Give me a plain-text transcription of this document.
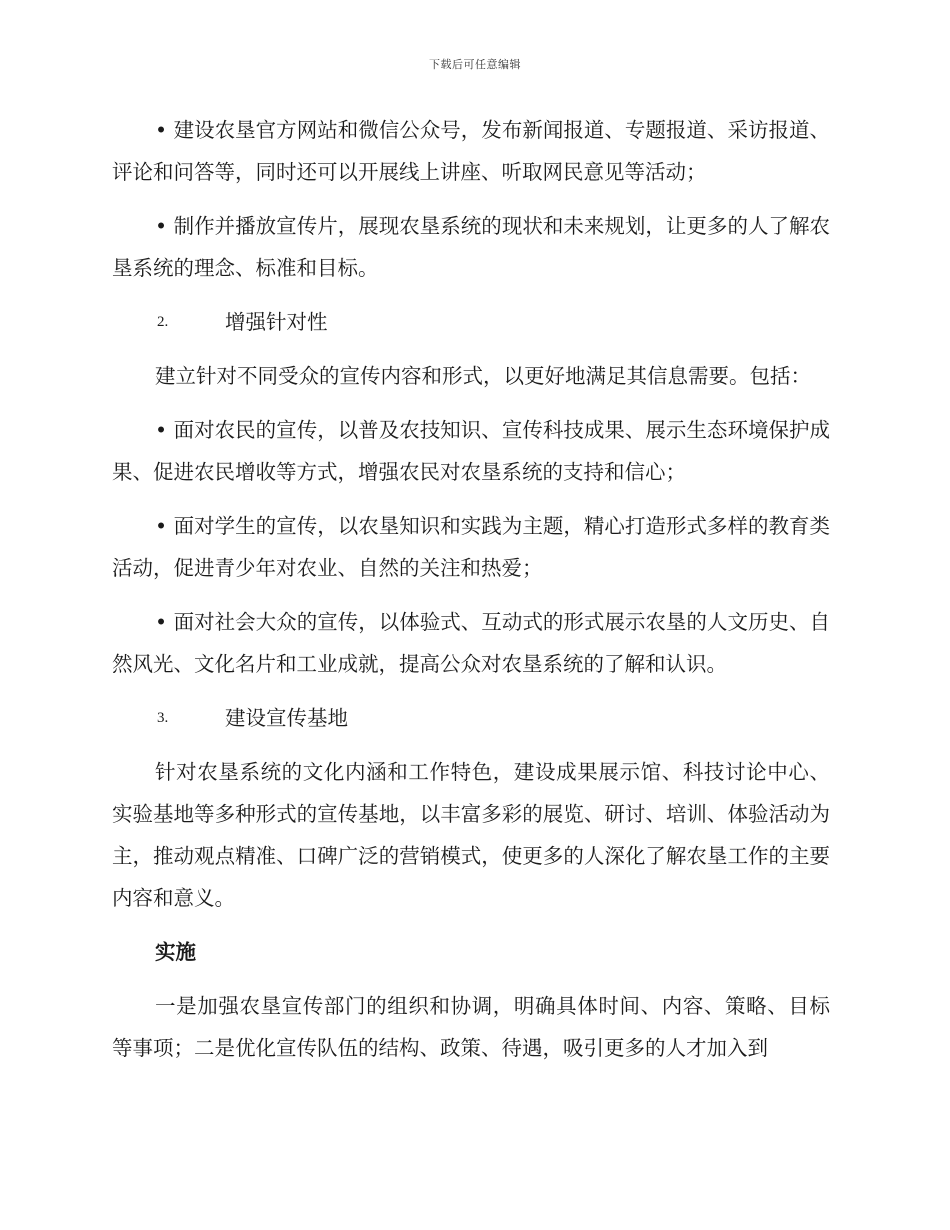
下载后可任意编辑

• 建设农垦官方网站和微信公众号，发布新闻报道、专题报道、采访报道、评论和问答等，同时还可以开展线上讲座、听取网民意见等活动；

• 制作并播放宣传片，展现农垦系统的现状和未来规划，让更多的人了解农垦系统的理念、标准和目标。

2.	增强针对性

建立针对不同受众的宣传内容和形式，以更好地满足其信息需要。包括：

• 面对农民的宣传，以普及农技知识、宣传科技成果、展示生态环境保护成果、促进农民增收等方式，增强农民对农垦系统的支持和信心；

• 面对学生的宣传，以农垦知识和实践为主题，精心打造形式多样的教育类活动，促进青少年对农业、自然的关注和热爱；

• 面对社会大众的宣传，以体验式、互动式的形式展示农垦的人文历史、自然风光、文化名片和工业成就，提高公众对农垦系统的了解和认识。

3.	建设宣传基地

针对农垦系统的文化内涵和工作特色，建设成果展示馆、科技讨论中心、实验基地等多种形式的宣传基地，以丰富多彩的展览、研讨、培训、体验活动为主，推动观点精准、口碑广泛的营销模式，使更多的人深化了解农垦工作的主要内容和意义。

实施

一是加强农垦宣传部门的组织和协调，明确具体时间、内容、策略、目标等事项；二是优化宣传队伍的结构、政策、待遇，吸引更多的人才加入到
